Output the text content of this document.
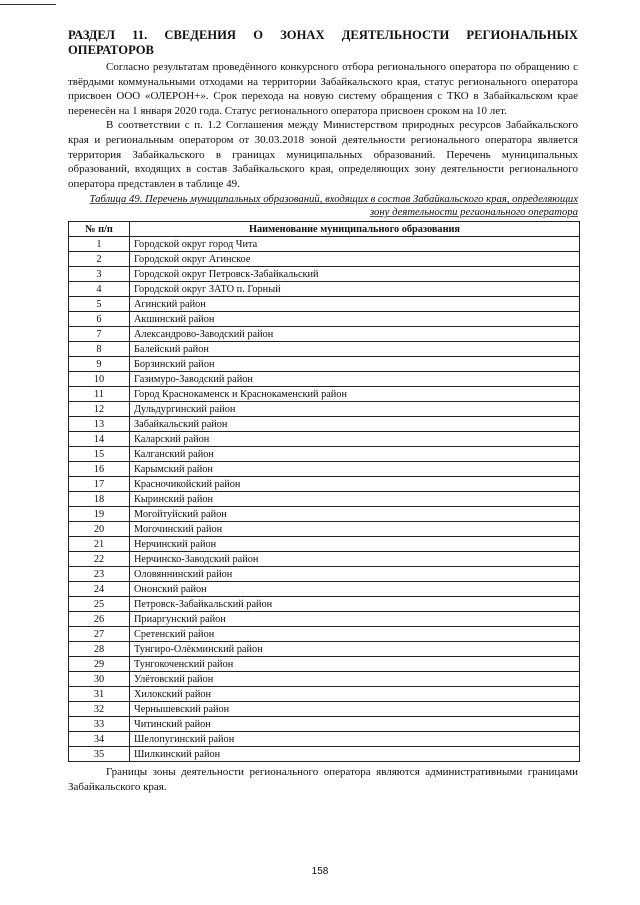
РАЗДЕЛ 11. СВЕДЕНИЯ О ЗОНАХ ДЕЯТЕЛЬНОСТИ РЕГИОНАЛЬНЫХ ОПЕРАТОРОВ

Согласно результатам проведённого конкурсного отбора регионального оператора по обращению с твёрдыми коммунальными отходами на территории Забайкальского края, статус регионального оператора присвоен ООО «ОЛЕРОН+». Срок перехода на новую систему обращения с ТКО в Забайкальском крае перенесён на 1 января 2020 года. Статус регионального оператора присвоен сроком на 10 лет.

В соответствии с п. 1.2 Соглашения между Министерством природных ресурсов Забайкальского края и региональным оператором от 30.03.2018 зоной деятельности регионального оператора является территория Забайкальского в границах муниципальных образований. Перечень муниципальных образований, входящих в состав Забайкальского края, определяющих зону деятельности регионального оператора представлен в таблице 49.

Таблица 49. Перечень муниципальных образований, входящих в состав Забайкальского края, определяющих зону деятельности регионального оператора

№ п/п	Наименование муниципального образования
1	Городской округ город Чита
2	Городской округ Агинское
3	Городской округ Петровск-Забайкальский
4	Городской округ ЗАТО п. Горный
5	Агинский район
6	Акшинский район
7	Александрово-Заводский район
8	Балейский район
9	Борзинский район
10	Газимуро-Заводский район
11	Город Краснокаменск и Краснокаменский район
12	Дульдургинский район
13	Забайкальский район
14	Каларский район
15	Калганский район
16	Карымский район
17	Красночикойский район
18	Кыринский район
19	Могойтуйский район
20	Могочинский район
21	Нерчинский район
22	Нерчинско-Заводский район
23	Оловяннинский район
24	Ононский район
25	Петровск-Забайкальский район
26	Приаргунский район
27	Сретенский район
28	Тунгиро-Олёкминский район
29	Тунгокоченский район
30	Улётовский район
31	Хилокский район
32	Чернышевский район
33	Читинский район
34	Шелопугинский район
35	Шилкинский район

Границы зоны деятельности регионального оператора являются административными границами Забайкальского края.

158
